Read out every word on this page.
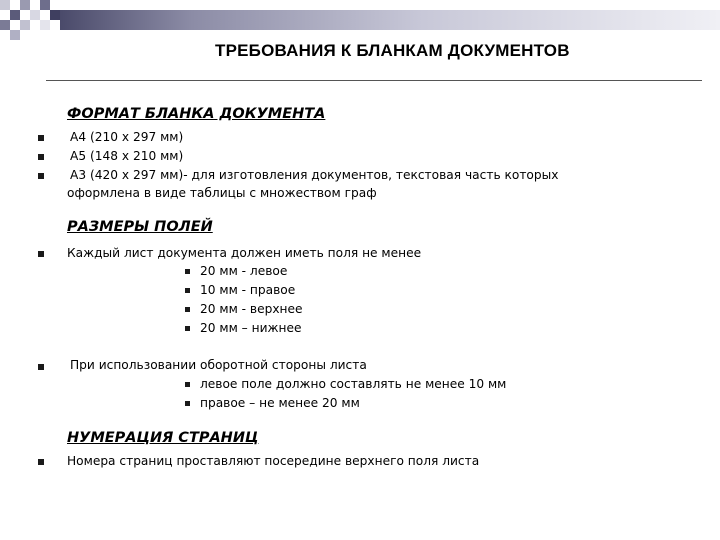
ТРЕБОВАНИЯ К БЛАНКАМ ДОКУМЕНТОВ
ФОРМАТ БЛАНКА ДОКУМЕНТА
A4 (210 x 297 мм)
А5 (148 x 210 мм)
А3 (420 x 297 мм)- для изготовления документов, текстовая часть которых
оформлена в виде таблицы с множеством граф
РАЗМЕРЫ ПОЛЕЙ
Каждый лист документа должен иметь поля не менее
20 мм - левое
10 мм - правое
20 мм - верхнее
20 мм – нижнее
При использовании оборотной стороны листа
левое поле должно составлять не менее 10 мм
правое – не менее 20 мм
НУМЕРАЦИЯ СТРАНИЦ
Номера страниц проставляют посередине верхнего поля листа
